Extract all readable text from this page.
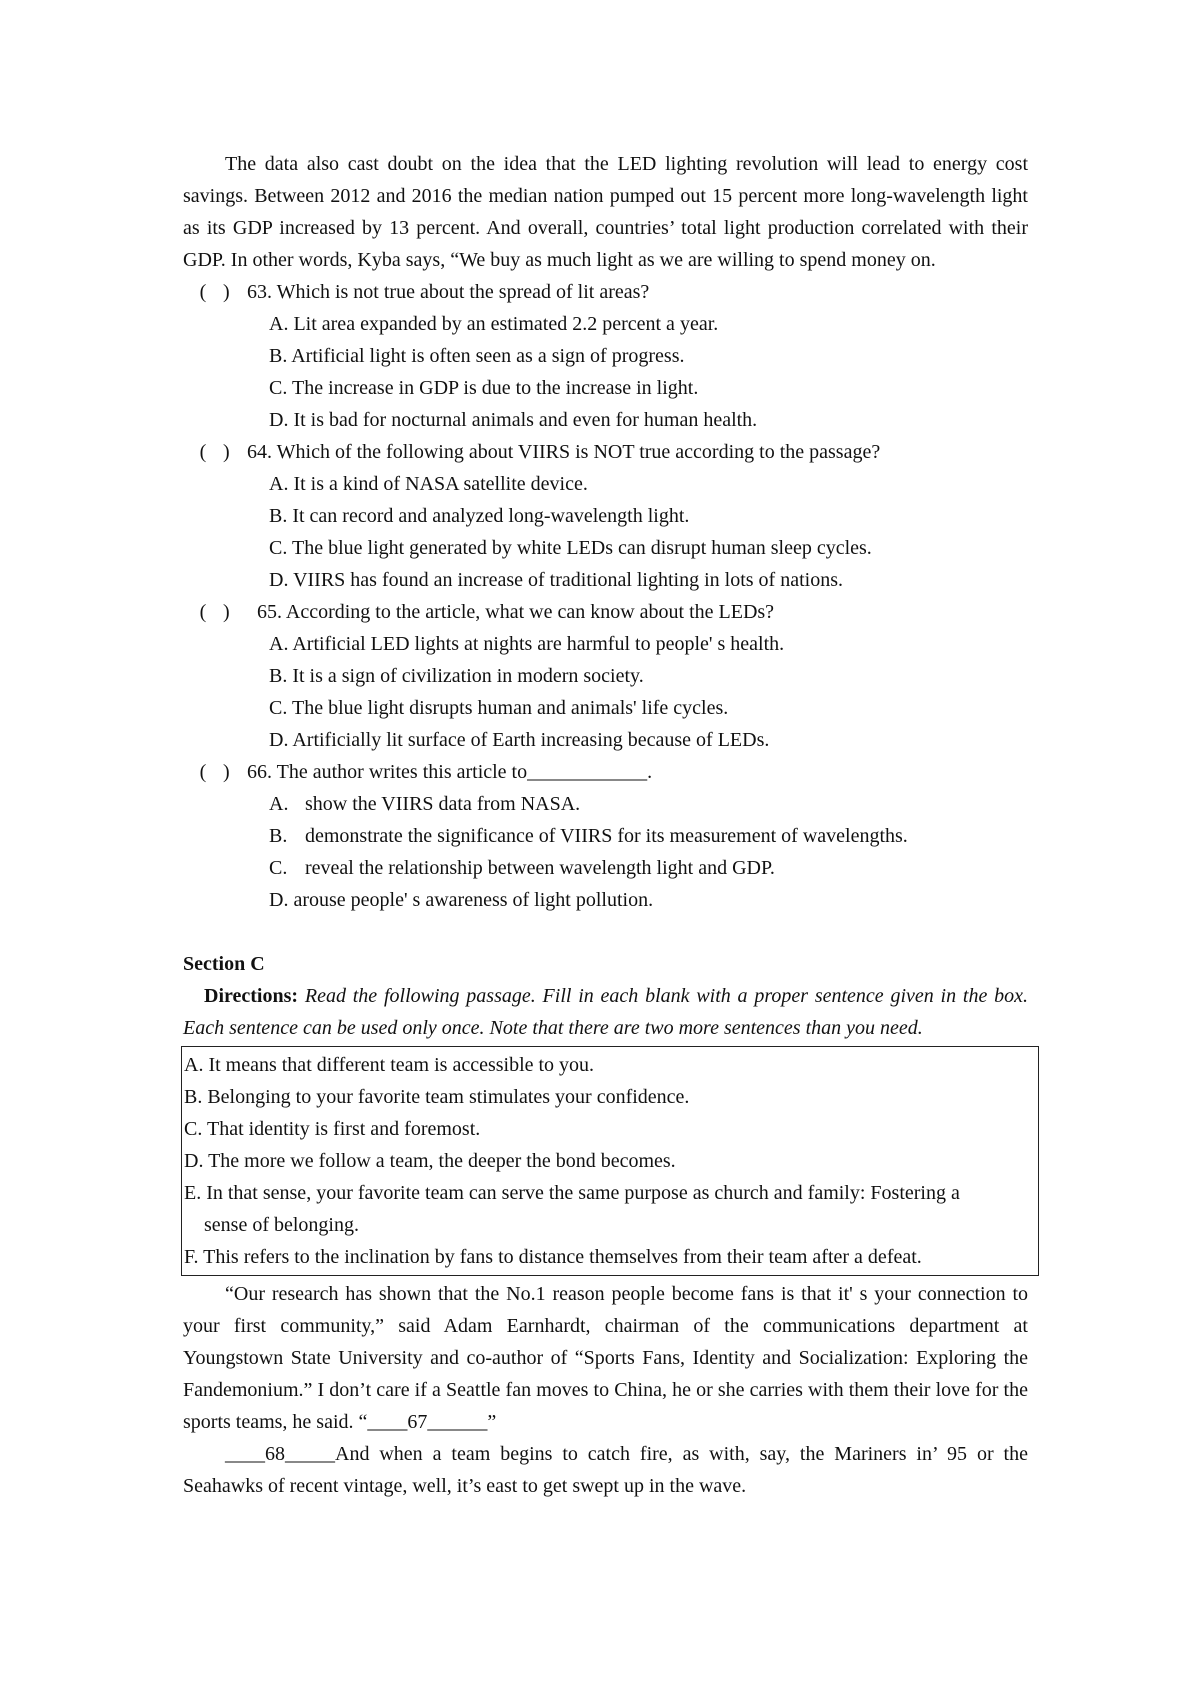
The data also cast doubt on the idea that the LED lighting revolution will lead to energy cost savings. Between 2012 and 2016 the median nation pumped out 15 percent more long-wavelength light as its GDP increased by 13 percent. And overall, countries’ total light production correlated with their GDP. In other words, Kyba says, “We buy as much light as we are willing to spend money on.
( ) 63. Which is not true about the spread of lit areas?
A. Lit area expanded by an estimated 2.2 percent a year.
B. Artificial light is often seen as a sign of progress.
C. The increase in GDP is due to the increase in light.
D. It is bad for nocturnal animals and even for human health.
( ) 64. Which of the following about VIIRS is NOT true according to the passage?
A. It is a kind of NASA satellite device.
B. It can record and analyzed long-wavelength light.
C. The blue light generated by white LEDs can disrupt human sleep cycles.
D. VIIRS has found an increase of traditional lighting in lots of nations.
( ) 65. According to the article, what we can know about the LEDs?
A. Artificial LED lights at nights are harmful to people' s health.
B. It is a sign of civilization in modern society.
C. The blue light disrupts human and animals' life cycles.
D. Artificially lit surface of Earth increasing because of LEDs.
( ) 66. The author writes this article to____________.
A. show the VIIRS data from NASA.
B. demonstrate the significance of VIIRS for its measurement of wavelengths.
C. reveal the relationship between wavelength light and GDP.
D. arouse people' s awareness of light pollution.
Section C
Directions: Read the following passage. Fill in each blank with a proper sentence given in the box. Each sentence can be used only once. Note that there are two more sentences than you need.
A. It means that different team is accessible to you.
B. Belonging to your favorite team stimulates your confidence.
C. That identity is first and foremost.
D. The more we follow a team, the deeper the bond becomes.
E. In that sense, your favorite team can serve the same purpose as church and family: Fostering a
sense of belonging.
F. This refers to the inclination by fans to distance themselves from their team after a defeat.
“Our research has shown that the No.1 reason people become fans is that it' s your connection to your first community,” said Adam Earnhardt, chairman of the communications department at Youngstown State University and co-author of “Sports Fans, Identity and Socialization: Exploring the Fandemonium.” I don’t care if a Seattle fan moves to China, he or she carries with them their love for the sports teams, he said. “____67______”
____68_____And when a team begins to catch fire, as with, say, the Mariners in’ 95 or the Seahawks of recent vintage, well, it’s east to get swept up in the wave.
